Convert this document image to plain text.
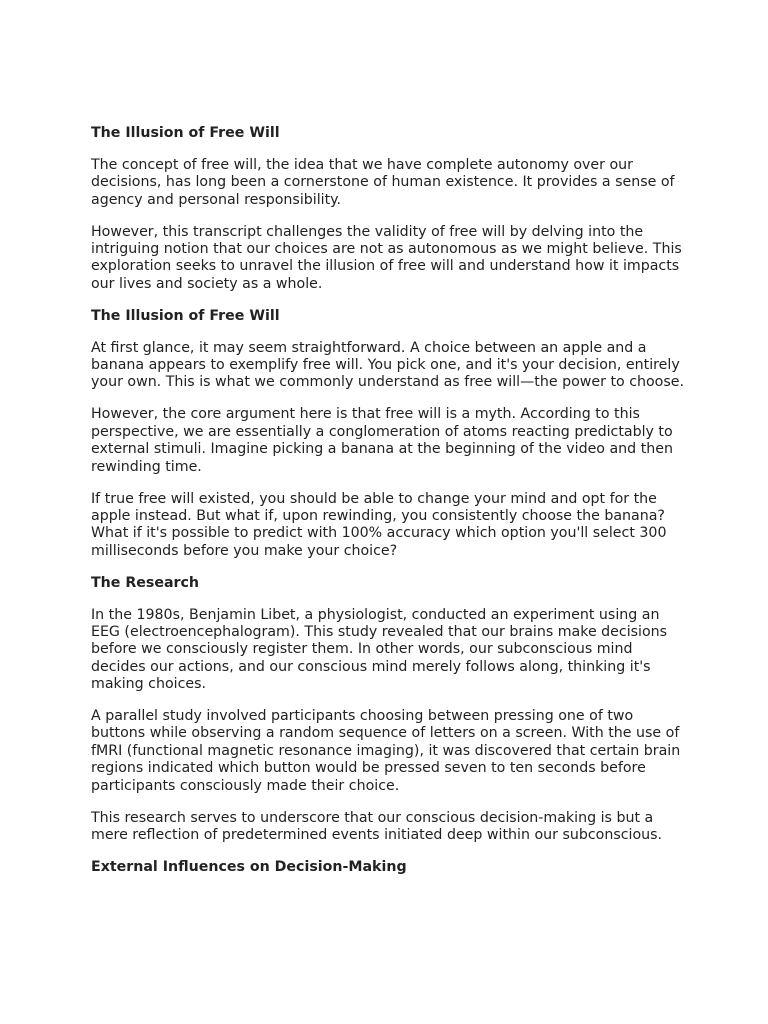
The Illusion of Free Will

The concept of free will, the idea that we have complete autonomy over our decisions, has long been a cornerstone of human existence. It provides a sense of agency and personal responsibility.

However, this transcript challenges the validity of free will by delving into the intriguing notion that our choices are not as autonomous as we might believe. This exploration seeks to unravel the illusion of free will and understand how it impacts our lives and society as a whole.

The Illusion of Free Will

At first glance, it may seem straightforward. A choice between an apple and a banana appears to exemplify free will. You pick one, and it's your decision, entirely your own. This is what we commonly understand as free will—the power to choose.

However, the core argument here is that free will is a myth. According to this perspective, we are essentially a conglomeration of atoms reacting predictably to external stimuli. Imagine picking a banana at the beginning of the video and then rewinding time.

If true free will existed, you should be able to change your mind and opt for the apple instead. But what if, upon rewinding, you consistently choose the banana? What if it's possible to predict with 100% accuracy which option you'll select 300 milliseconds before you make your choice?

The Research

In the 1980s, Benjamin Libet, a physiologist, conducted an experiment using an EEG (electroencephalogram). This study revealed that our brains make decisions before we consciously register them. In other words, our subconscious mind decides our actions, and our conscious mind merely follows along, thinking it's making choices.

A parallel study involved participants choosing between pressing one of two buttons while observing a random sequence of letters on a screen. With the use of fMRI (functional magnetic resonance imaging), it was discovered that certain brain regions indicated which button would be pressed seven to ten seconds before participants consciously made their choice.

This research serves to underscore that our conscious decision-making is but a mere reflection of predetermined events initiated deep within our subconscious.

External Influences on Decision-Making
